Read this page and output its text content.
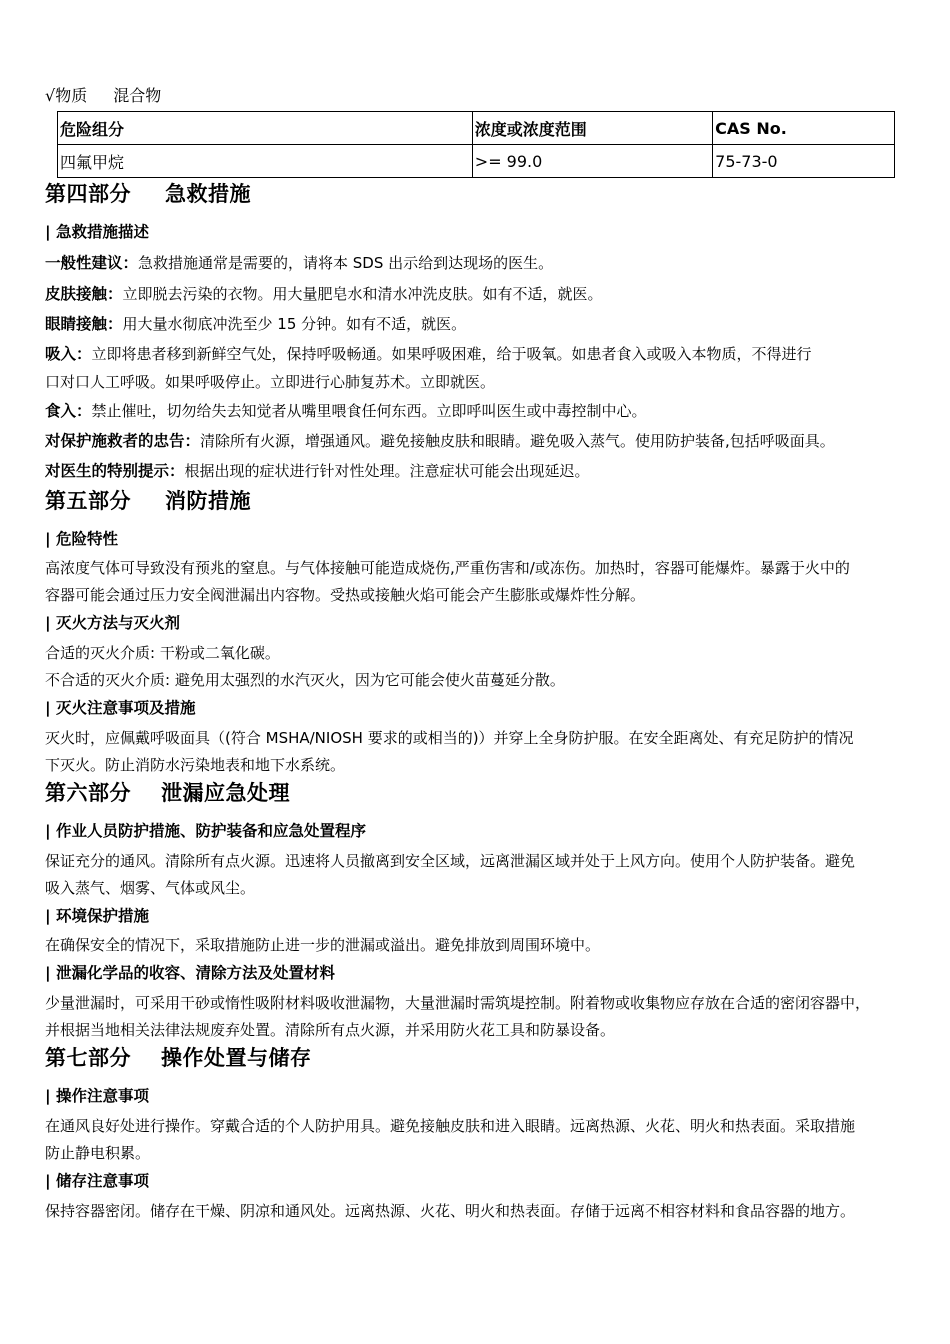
√物质 混合物
危险组分	浓度或浓度范围	CAS No.
四氟甲烷	>= 99.0	75-73-0
第四部分 急救措施
| 急救措施描述
一般性建议：急救措施通常是需要的，请将本 SDS 出示给到达现场的医生。
皮肤接触：立即脱去污染的衣物。用大量肥皂水和清水冲洗皮肤。如有不适，就医。
眼睛接触：用大量水彻底冲洗至少 15 分钟。如有不适，就医。
吸入：立即将患者移到新鲜空气处，保持呼吸畅通。如果呼吸困难，给于吸氧。如患者食入或吸入本物质，不得进行
口对口人工呼吸。如果呼吸停止。立即进行心肺复苏术。立即就医。
食入：禁止催吐，切勿给失去知觉者从嘴里喂食任何东西。立即呼叫医生或中毒控制中心。
对保护施救者的忠告：清除所有火源，增强通风。避免接触皮肤和眼睛。避免吸入蒸气。使用防护装备,包括呼吸面具。
对医生的特别提示：根据出现的症状进行针对性处理。注意症状可能会出现延迟。
第五部分 消防措施
| 危险特性
高浓度气体可导致没有预兆的窒息。与气体接触可能造成烧伤,严重伤害和/或冻伤。加热时，容器可能爆炸。暴露于火中的
容器可能会通过压力安全阀泄漏出内容物。受热或接触火焰可能会产生膨胀或爆炸性分解。
| 灭火方法与灭火剂
合适的灭火介质: 干粉或二氧化碳。
不合适的灭火介质: 避免用太强烈的水汽灭火，因为它可能会使火苗蔓延分散。
| 灭火注意事项及措施
灭火时，应佩戴呼吸面具（(符合 MSHA/NIOSH 要求的或相当的)）并穿上全身防护服。在安全距离处、有充足防护的情况
下灭火。防止消防水污染地表和地下水系统。
第六部分 泄漏应急处理
| 作业人员防护措施、防护装备和应急处置程序
保证充分的通风。清除所有点火源。迅速将人员撤离到安全区域，远离泄漏区域并处于上风方向。使用个人防护装备。避免
吸入蒸气、烟雾、气体或风尘。
| 环境保护措施
在确保安全的情况下，采取措施防止进一步的泄漏或溢出。避免排放到周围环境中。
| 泄漏化学品的收容、清除方法及处置材料
少量泄漏时，可采用干砂或惰性吸附材料吸收泄漏物，大量泄漏时需筑堤控制。附着物或收集物应存放在合适的密闭容器中，
并根据当地相关法律法规废弃处置。清除所有点火源，并采用防火花工具和防暴设备。
第七部分 操作处置与储存
| 操作注意事项
在通风良好处进行操作。穿戴合适的个人防护用具。避免接触皮肤和进入眼睛。远离热源、火花、明火和热表面。采取措施
防止静电积累。
| 储存注意事项
保持容器密闭。储存在干燥、阴凉和通风处。远离热源、火花、明火和热表面。存储于远离不相容材料和食品容器的地方。
